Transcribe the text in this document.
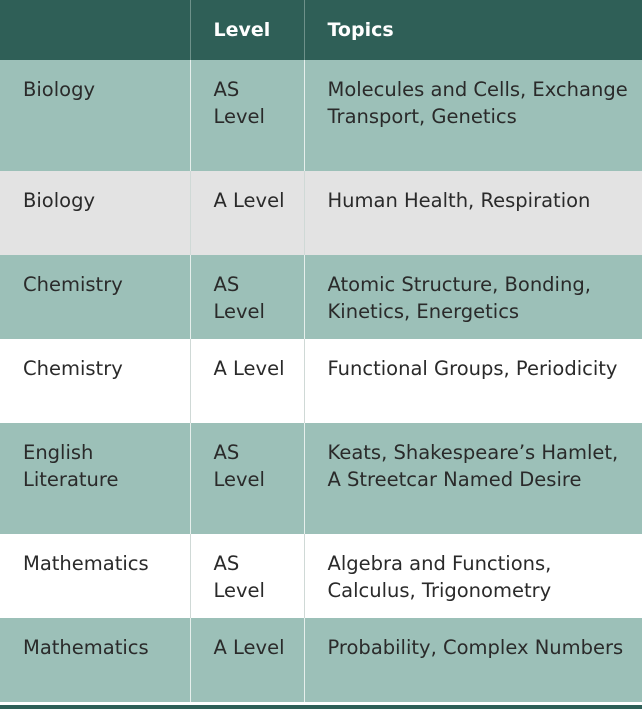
	Level	Topics
Biology	AS Level	Molecules and Cells, Exchange Transport, Genetics
Biology	A Level	Human Health, Respiration
Chemistry	AS Level	Atomic Structure, Bonding, Kinetics, Energetics
Chemistry	A Level	Functional Groups, Periodicity
English Literature	AS Level	Keats, Shakespeare’s Hamlet, A Streetcar Named Desire
Mathematics	AS Level	Algebra and Functions, Calculus, Trigonometry
Mathematics	A Level	Probability, Complex Numbers
